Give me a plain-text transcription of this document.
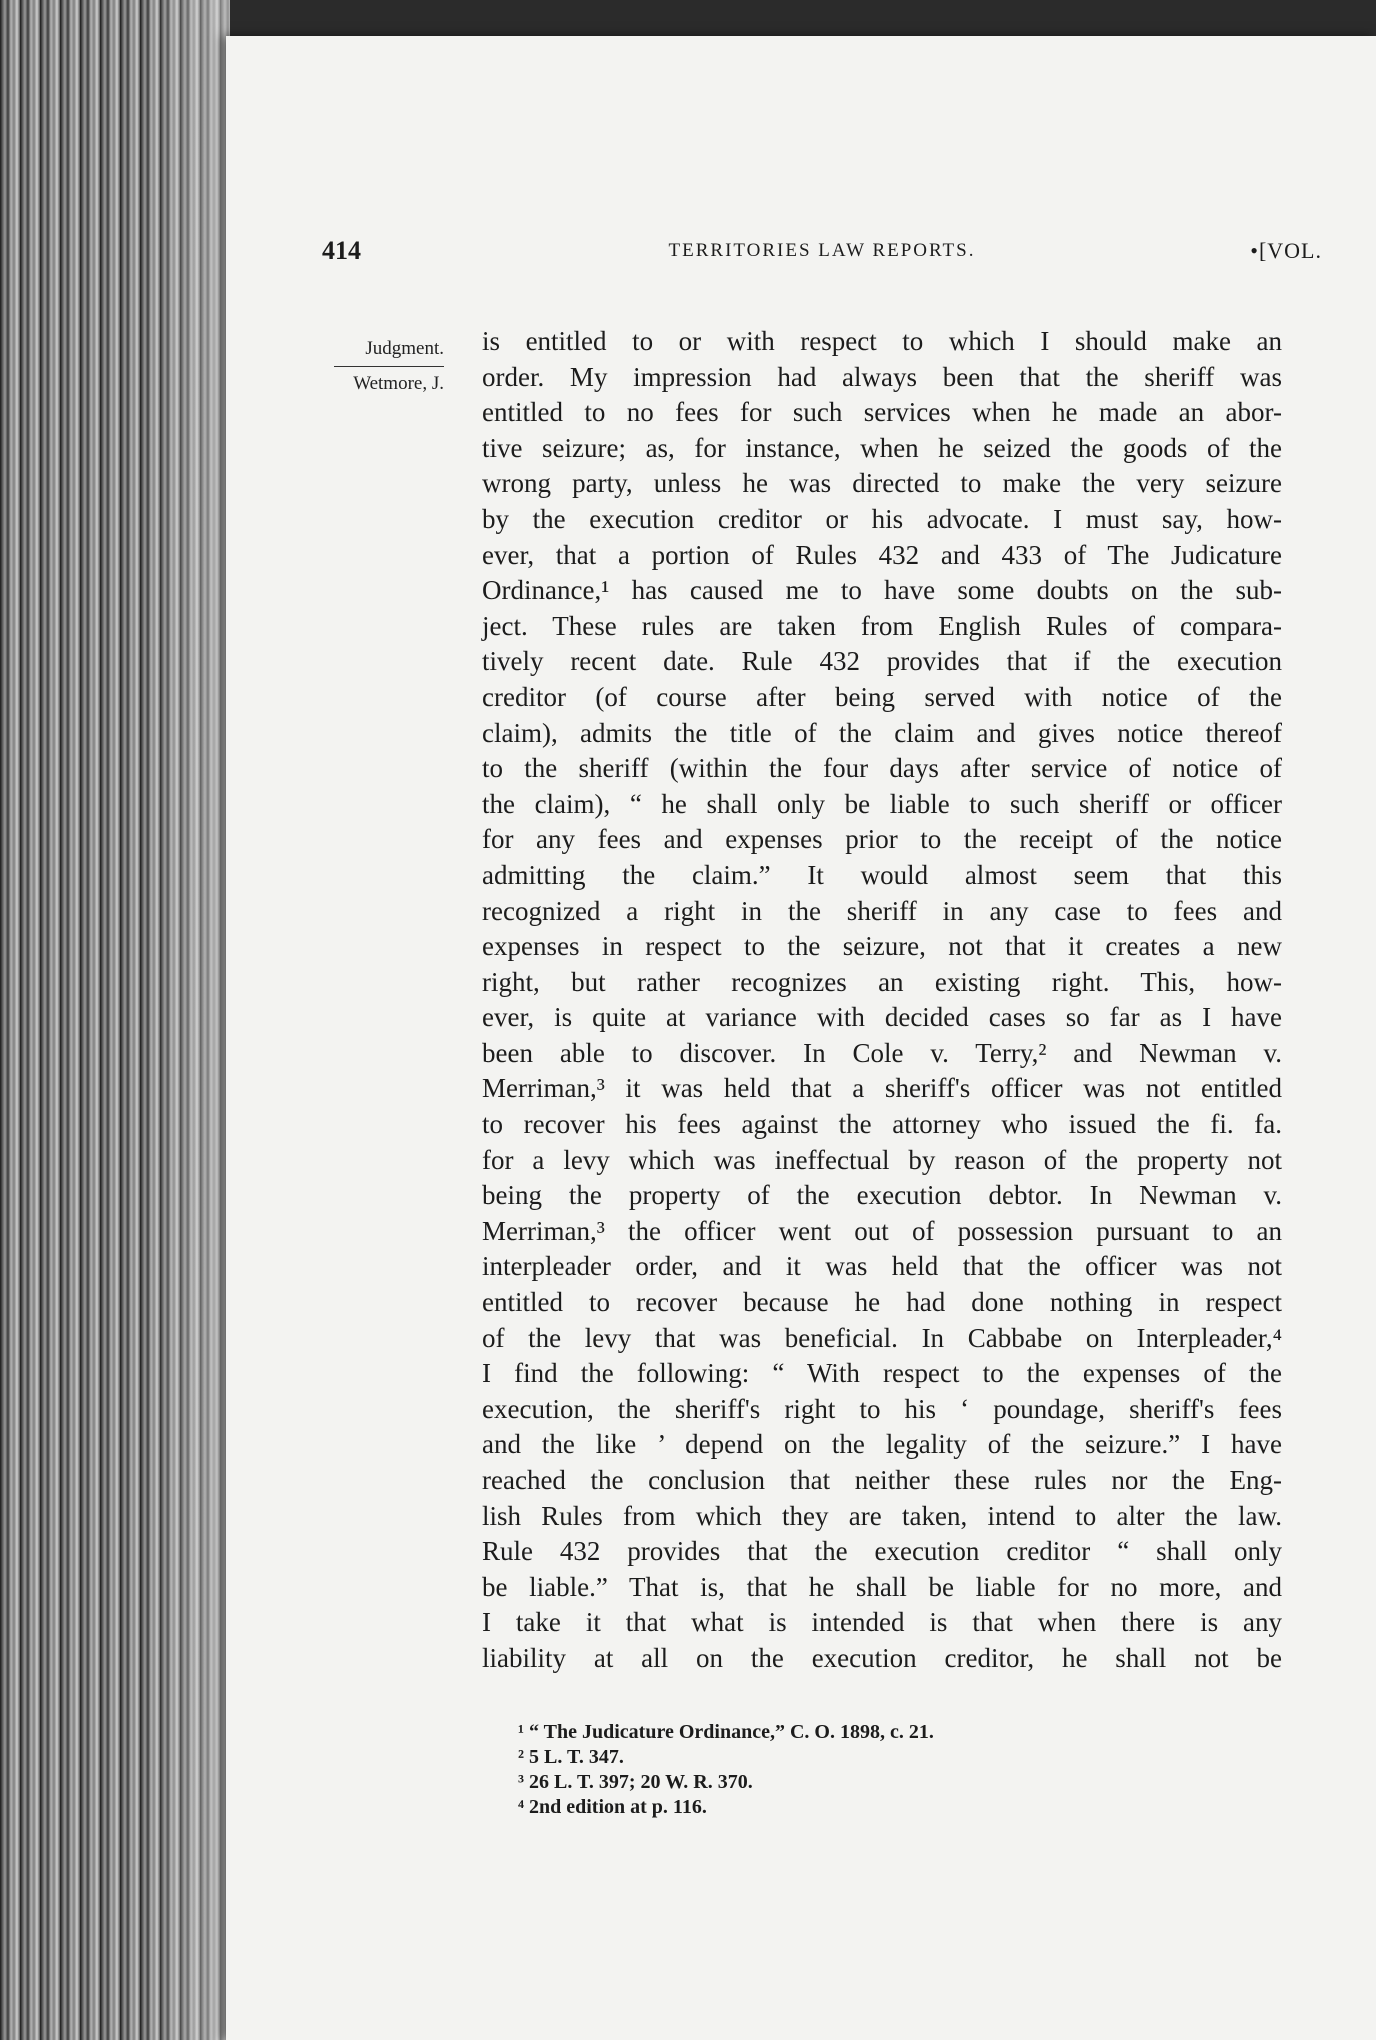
414	TERRITORIES LAW REPORTS.	•[VOL.
Judgment.
Wetmore, J.
is entitled to or with respect to which I should make an
order. My impression had always been that the sheriff was
entitled to no fees for such services when he made an abor-
tive seizure; as, for instance, when he seized the goods of the
wrong party, unless he was directed to make the very seizure
by the execution creditor or his advocate. I must say, how-
ever, that a portion of Rules 432 and 433 of The Judicature
Ordinance,¹ has caused me to have some doubts on the sub-
ject. These rules are taken from English Rules of compara-
tively recent date. Rule 432 provides that if the execution
creditor (of course after being served with notice of the
claim), admits the title of the claim and gives notice thereof
to the sheriff (within the four days after service of notice of
the claim), “ he shall only be liable to such sheriff or officer
for any fees and expenses prior to the receipt of the notice
admitting the claim.” It would almost seem that this
recognized a right in the sheriff in any case to fees and
expenses in respect to the seizure, not that it creates a new
right, but rather recognizes an existing right. This, how-
ever, is quite at variance with decided cases so far as I have
been able to discover. In Cole v. Terry,² and Newman v.
Merriman,³ it was held that a sheriff's officer was not entitled
to recover his fees against the attorney who issued the fi. fa.
for a levy which was ineffectual by reason of the property not
being the property of the execution debtor. In Newman v.
Merriman,³ the officer went out of possession pursuant to an
interpleader order, and it was held that the officer was not
entitled to recover because he had done nothing in respect
of the levy that was beneficial. In Cabbabe on Interpleader,⁴
I find the following: “ With respect to the expenses of the
execution, the sheriff's right to his ‘ poundage, sheriff's fees
and the like ’ depend on the legality of the seizure.” I have
reached the conclusion that neither these rules nor the Eng-
lish Rules from which they are taken, intend to alter the law.
Rule 432 provides that the execution creditor “ shall only
be liable.” That is, that he shall be liable for no more, and
I take it that what is intended is that when there is any
liability at all on the execution creditor, he shall not be
¹ “ The Judicature Ordinance,” C. O. 1898, c. 21.
² 5 L. T. 347.
³ 26 L. T. 397; 20 W. R. 370.
⁴ 2nd edition at p. 116.
